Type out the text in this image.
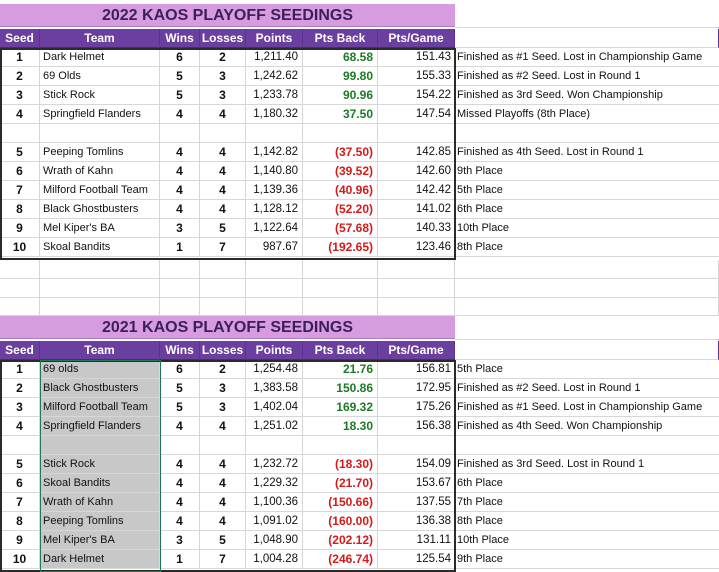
2022 KAOS PLAYOFF SEEDINGS
Seed	Team	Wins Losses	Points	Pts Back	Pts/Game
1	Dark Helmet	6	2	1,211.40	68.58	151.43 Finished as #1 Seed. Lost in Championship Game
2	69 Olds	5	3	1,242.62	99.80	155.33 Finished as #2 Seed. Lost in Round 1
3	Stick Rock	5	3	1,233.78	90.96	154.22 Finished as 3rd Seed. Won Championship
4	Springfield Flanders	4	4	1,180.32	37.50	147.54 Missed Playoffs (8th Place)
5	Peeping Tomlins	4	4	1,142.82	(37.50)	142.85 Finished as 4th Seed. Lost in Round 1
6	Wrath of Kahn	4	4	1,140.80	(39.52)	142.60 9th Place
7	Milford Football Team	4	4	1,139.36	(40.96)	142.42 5th Place
8	Black Ghostbusters	4	4	1,128.12	(52.20)	141.02 6th Place
9	Mel Kiper's BA	3	5	1,122.64	(57.68)	140.33 10th Place
10	Skoal Bandits	1	7	987.67	(192.65)	123.46 8th Place
2021 KAOS PLAYOFF SEEDINGS
Seed	Team	Wins Losses	Points	Pts Back	Pts/Game
1	69 olds	6	2	1,254.48	21.76	156.81 5th Place
2	Black Ghostbusters	5	3	1,383.58	150.86	172.95 Finished as #2 Seed. Lost in Round 1
3	Milford Football Team	5	3	1,402.04	169.32	175.26 Finished as #1 Seed. Lost in Championship Game
4	Springfield Flanders	4	4	1,251.02	18.30	156.38 Finished as 4th Seed. Won Championship
5	Stick Rock	4	4	1,232.72	(18.30)	154.09 Finished as 3rd Seed. Lost in Round 1
6	Skoal Bandits	4	4	1,229.32	(21.70)	153.67 6th Place
7	Wrath of Kahn	4	4	1,100.36	(150.66)	137.55 7th Place
8	Peeping Tomlins	4	4	1,091.02	(160.00)	136.38 8th Place
9	Mel Kiper's BA	3	5	1,048.90	(202.12)	131.11 10th Place
10	Dark Helmet	1	7	1,004.28	(246.74)	125.54 9th Place
